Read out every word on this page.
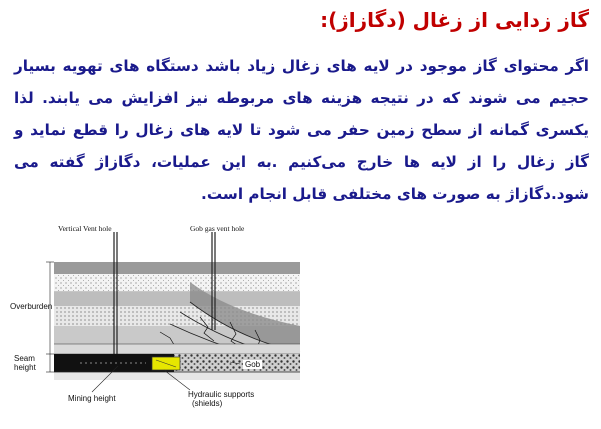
گاز زدایی از زغال (دگازاژ):
اگر محتوای گاز موجود در لایه های زغال زیاد باشد دستگاه های تهویه بسیار حجیم می شوند که در نتیجه هزینه های مربوطه نیز افزایش می یابند. لذا یکسری گمانه از سطح زمین حفر می شود تا لایه های زغال را قطع نماید و گاز زغال را از لایه ها خارج می‌کنیم .به این عملیات، دگازاژ گفته می شود.دگازاژ به صورت های مختلفی قابل انجام است.
Vertical Vent hole	Gob gas vent hole
Overburden
Seam
height	Gob
Mining height	Hydraulic supports
(shields)
